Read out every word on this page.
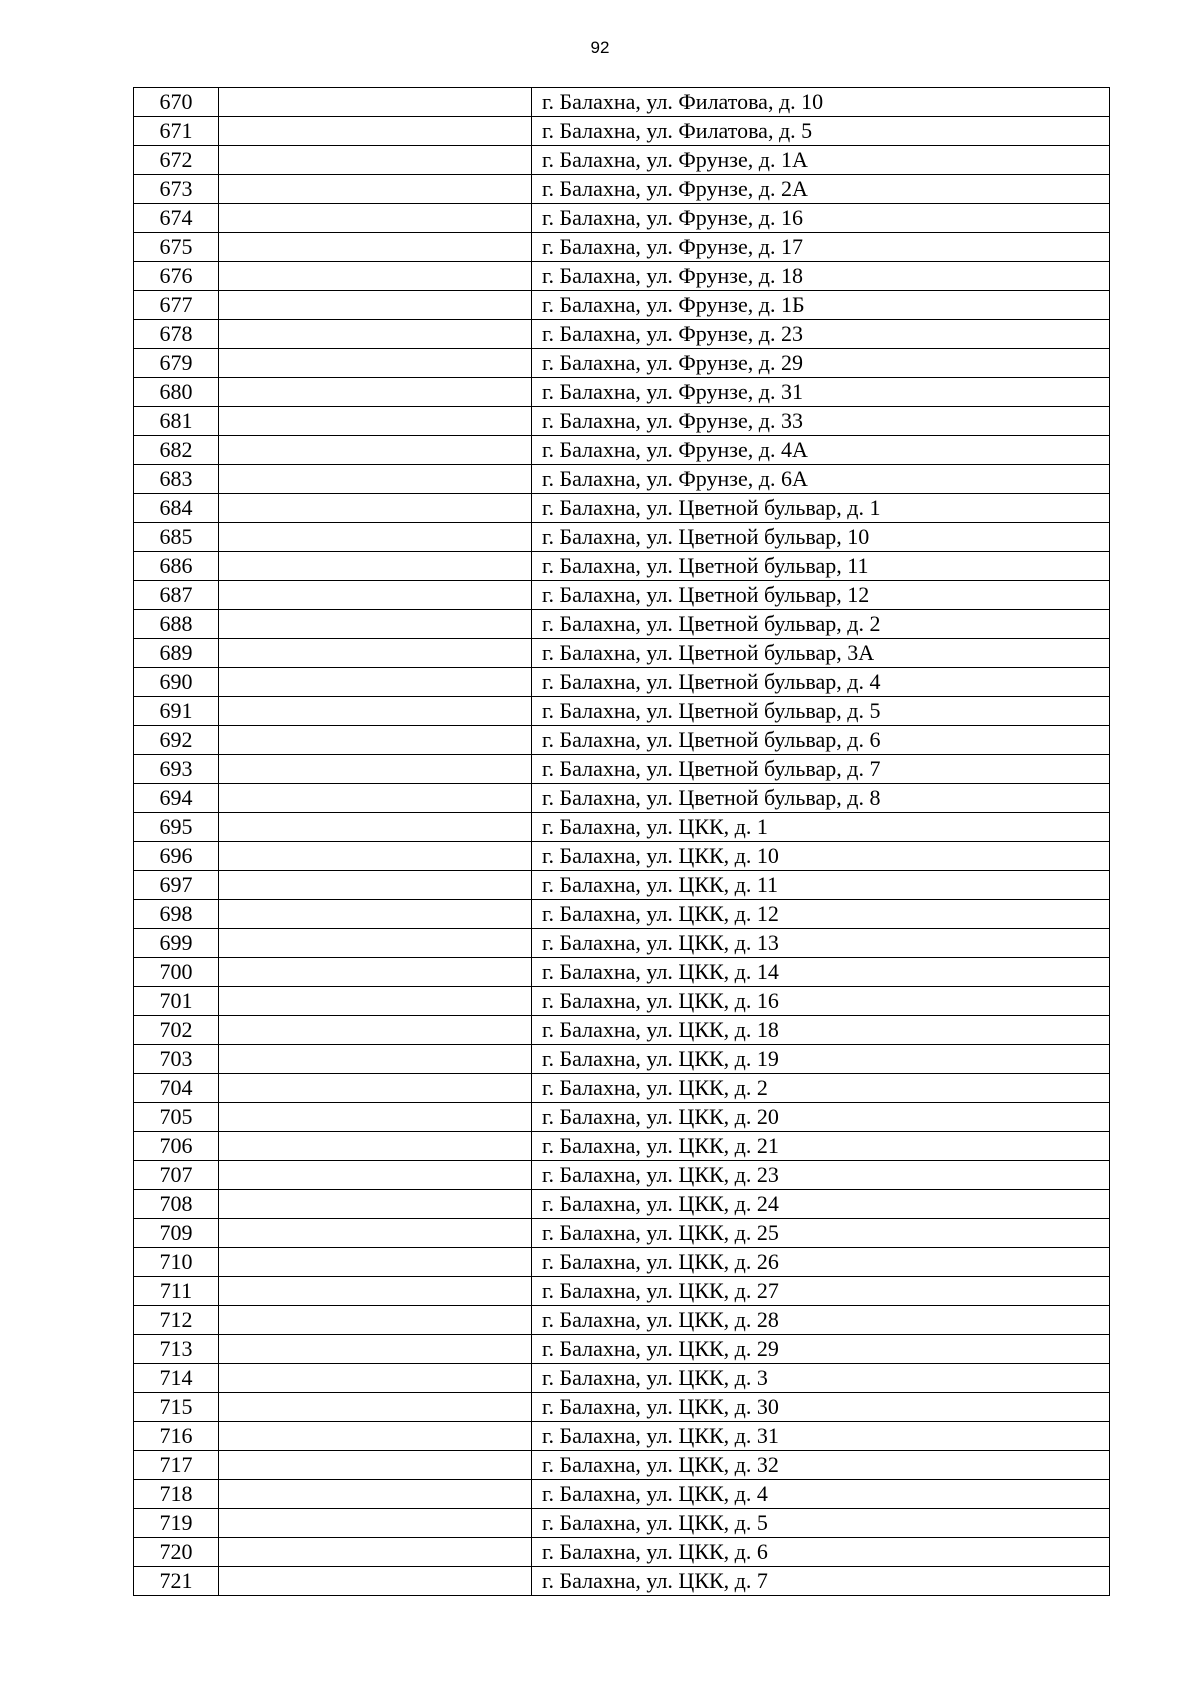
92
670		г. Балахна, ул. Филатова, д. 10
671		г. Балахна, ул. Филатова, д. 5
672		г. Балахна, ул. Фрунзе, д. 1А
673		г. Балахна, ул. Фрунзе, д. 2А
674		г. Балахна, ул. Фрунзе, д. 16
675		г. Балахна, ул. Фрунзе, д. 17
676		г. Балахна, ул. Фрунзе, д. 18
677		г. Балахна, ул. Фрунзе, д. 1Б
678		г. Балахна, ул. Фрунзе, д. 23
679		г. Балахна, ул. Фрунзе, д. 29
680		г. Балахна, ул. Фрунзе, д. 31
681		г. Балахна, ул. Фрунзе, д. 33
682		г. Балахна, ул. Фрунзе, д. 4А
683		г. Балахна, ул. Фрунзе, д. 6А
684		г. Балахна, ул. Цветной бульвар, д. 1
685		г. Балахна, ул. Цветной бульвар, 10
686		г. Балахна, ул. Цветной бульвар, 11
687		г. Балахна, ул. Цветной бульвар, 12
688		г. Балахна, ул. Цветной бульвар, д. 2
689		г. Балахна, ул. Цветной бульвар, 3А
690		г. Балахна, ул. Цветной бульвар, д. 4
691		г. Балахна, ул. Цветной бульвар, д. 5
692		г. Балахна, ул. Цветной бульвар, д. 6
693		г. Балахна, ул. Цветной бульвар, д. 7
694		г. Балахна, ул. Цветной бульвар, д. 8
695		г. Балахна, ул. ЦКК, д. 1
696		г. Балахна, ул. ЦКК, д. 10
697		г. Балахна, ул. ЦКК, д. 11
698		г. Балахна, ул. ЦКК, д. 12
699		г. Балахна, ул. ЦКК, д. 13
700		г. Балахна, ул. ЦКК, д. 14
701		г. Балахна, ул. ЦКК, д. 16
702		г. Балахна, ул. ЦКК, д. 18
703		г. Балахна, ул. ЦКК, д. 19
704		г. Балахна, ул. ЦКК, д. 2
705		г. Балахна, ул. ЦКК, д. 20
706		г. Балахна, ул. ЦКК, д. 21
707		г. Балахна, ул. ЦКК, д. 23
708		г. Балахна, ул. ЦКК, д. 24
709		г. Балахна, ул. ЦКК, д. 25
710		г. Балахна, ул. ЦКК, д. 26
711		г. Балахна, ул. ЦКК, д. 27
712		г. Балахна, ул. ЦКК, д. 28
713		г. Балахна, ул. ЦКК, д. 29
714		г. Балахна, ул. ЦКК, д. 3
715		г. Балахна, ул. ЦКК, д. 30
716		г. Балахна, ул. ЦКК, д. 31
717		г. Балахна, ул. ЦКК, д. 32
718		г. Балахна, ул. ЦКК, д. 4
719		г. Балахна, ул. ЦКК, д. 5
720		г. Балахна, ул. ЦКК, д. 6
721		г. Балахна, ул. ЦКК, д. 7
